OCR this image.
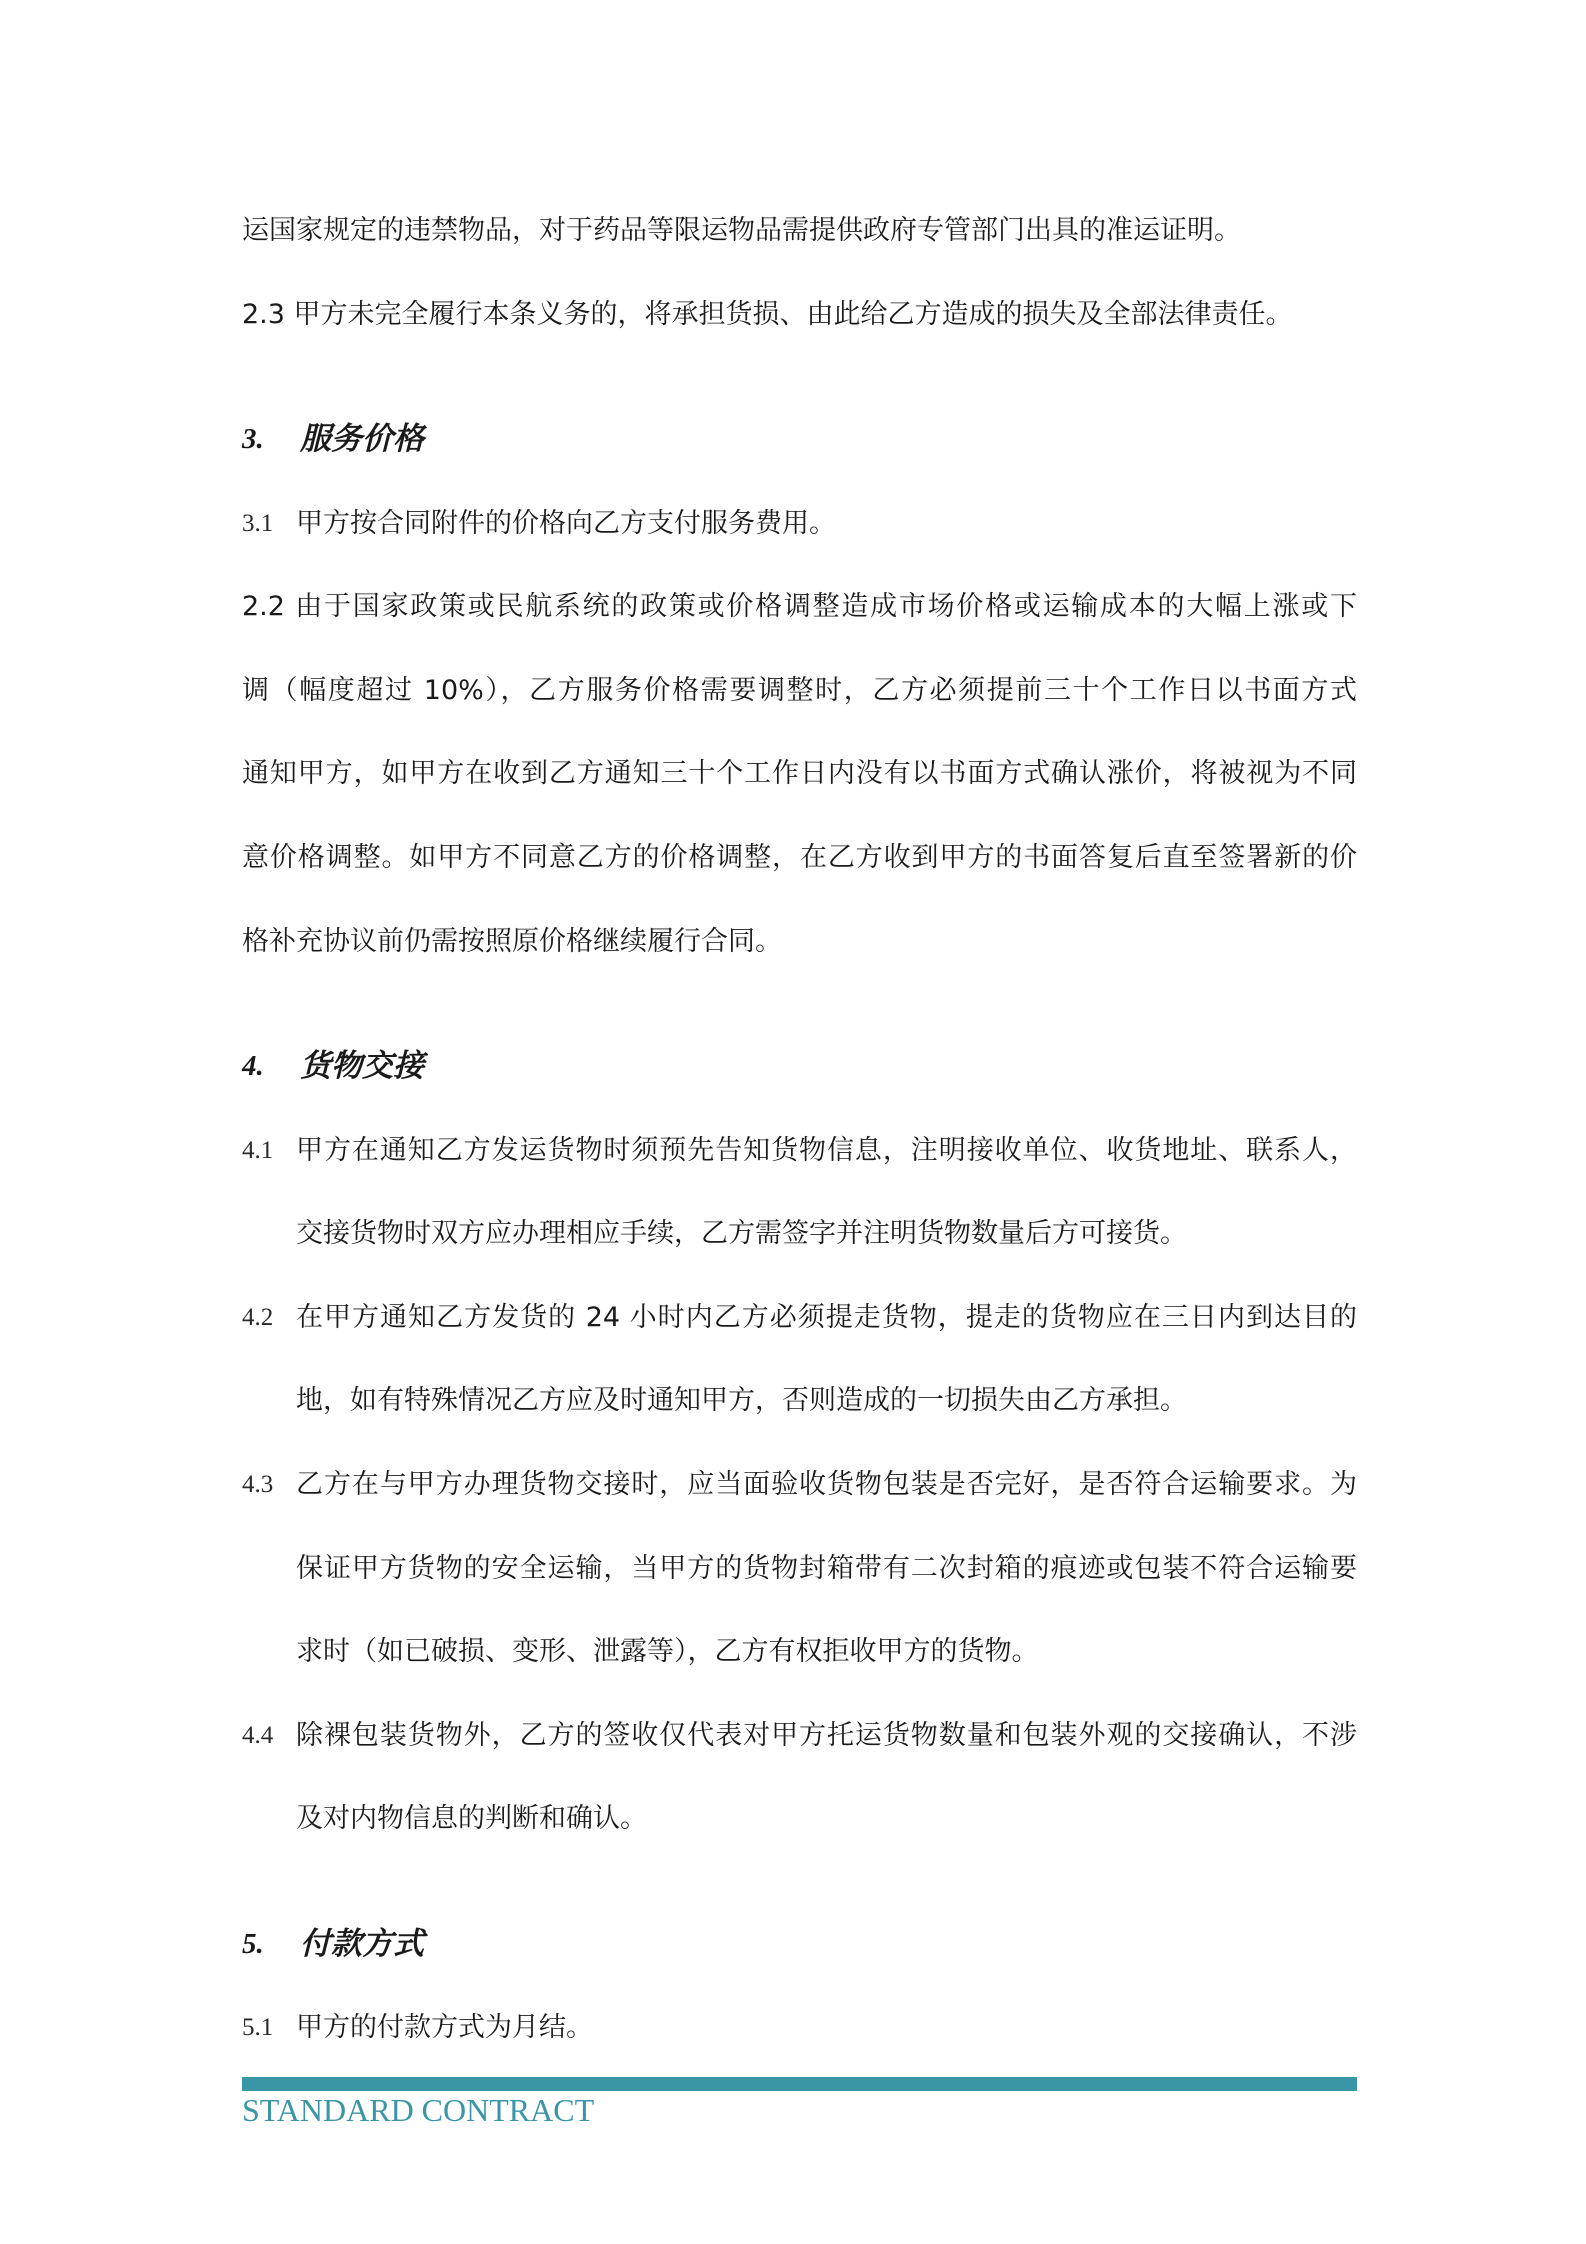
运国家规定的违禁物品，对于药品等限运物品需提供政府专管部门出具的准运证明。
2.3 甲方未完全履行本条义务的，将承担货损、由此给乙方造成的损失及全部法律责任。
3.	服务价格
3.1 甲方按合同附件的价格向乙方支付服务费用。
2.2 由于国家政策或民航系统的政策或价格调整造成市场价格或运输成本的大幅上涨或下
调（幅度超过 10%），乙方服务价格需要调整时，乙方必须提前三十个工作日以书面方式
通知甲方，如甲方在收到乙方通知三十个工作日内没有以书面方式确认涨价，将被视为不同
意价格调整。如甲方不同意乙方的价格调整，在乙方收到甲方的书面答复后直至签署新的价
格补充协议前仍需按照原价格继续履行合同。
4.	货物交接
4.1 甲方在通知乙方发运货物时须预先告知货物信息，注明接收单位、收货地址、联系人，
交接货物时双方应办理相应手续，乙方需签字并注明货物数量后方可接货。
4.2 在甲方通知乙方发货的 24 小时内乙方必须提走货物，提走的货物应在三日内到达目的
地，如有特殊情况乙方应及时通知甲方，否则造成的一切损失由乙方承担。
4.3 乙方在与甲方办理货物交接时，应当面验收货物包装是否完好，是否符合运输要求。为
保证甲方货物的安全运输，当甲方的货物封箱带有二次封箱的痕迹或包装不符合运输要
求时（如已破损、变形、泄露等），乙方有权拒收甲方的货物。
4.4 除裸包装货物外，乙方的签收仅代表对甲方托运货物数量和包装外观的交接确认，不涉
及对内物信息的判断和确认。
5.	付款方式
5.1 甲方的付款方式为月结。
STANDARD CONTRACT
